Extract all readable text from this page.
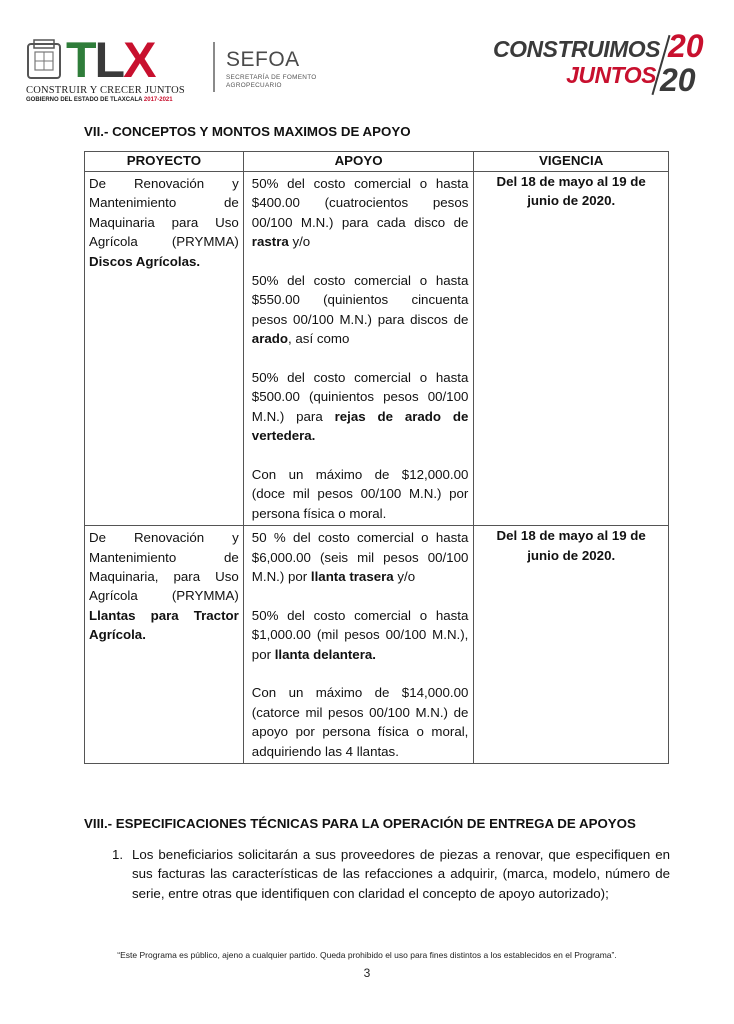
TLX
CONSTRUIR Y CRECER JUNTOS
GOBIERNO DEL ESTADO DE TLAXCALA 2017-2021
SEFOA
SECRETARÍA DE FOMENTO
AGROPECUARIO
CONSTRUIMOS
JUNTOS
20
20
VII.- CONCEPTOS Y MONTOS MAXIMOS DE APOYO
PROYECTO	APOYO	VIGENCIA
De Renovación y Mantenimiento de Maquinaria para Uso Agrícola (PRYMMA) Discos Agrícolas.	50% del costo comercial o hasta $400.00 (cuatrocientos pesos 00/100 M.N.) para cada disco de rastra y/o

50% del costo comercial o hasta $550.00 (quinientos cincuenta pesos 00/100 M.N.) para discos de arado, así como

50% del costo comercial o hasta $500.00 (quinientos pesos 00/100 M.N.) para rejas de arado de vertedera.

Con un máximo de $12,000.00 (doce mil pesos 00/100 M.N.) por persona física o moral.	Del 18 de mayo al 19 de junio de 2020.
De Renovación y Mantenimiento de Maquinaria, para Uso Agrícola (PRYMMA) Llantas para Tractor Agrícola.	50 % del costo comercial o hasta $6,000.00 (seis mil pesos 00/100 M.N.) por llanta trasera y/o

50% del costo comercial o hasta $1,000.00 (mil pesos 00/100 M.N.), por llanta delantera.

Con un máximo de $14,000.00 (catorce mil pesos 00/100 M.N.) de apoyo por persona física o moral, adquiriendo las 4 llantas.	Del 18 de mayo al 19 de junio de 2020.
VIII.- ESPECIFICACIONES TÉCNICAS PARA LA OPERACIÓN DE ENTREGA DE APOYOS
1. Los beneficiarios solicitarán a sus proveedores de piezas a renovar, que especifiquen en sus facturas las características de las refacciones a adquirir, (marca, modelo, número de serie, entre otras que identifiquen con claridad el concepto de apoyo autorizado);
“Este Programa es público, ajeno a cualquier partido. Queda prohibido el uso para fines distintos a los establecidos en el Programa”.
3
